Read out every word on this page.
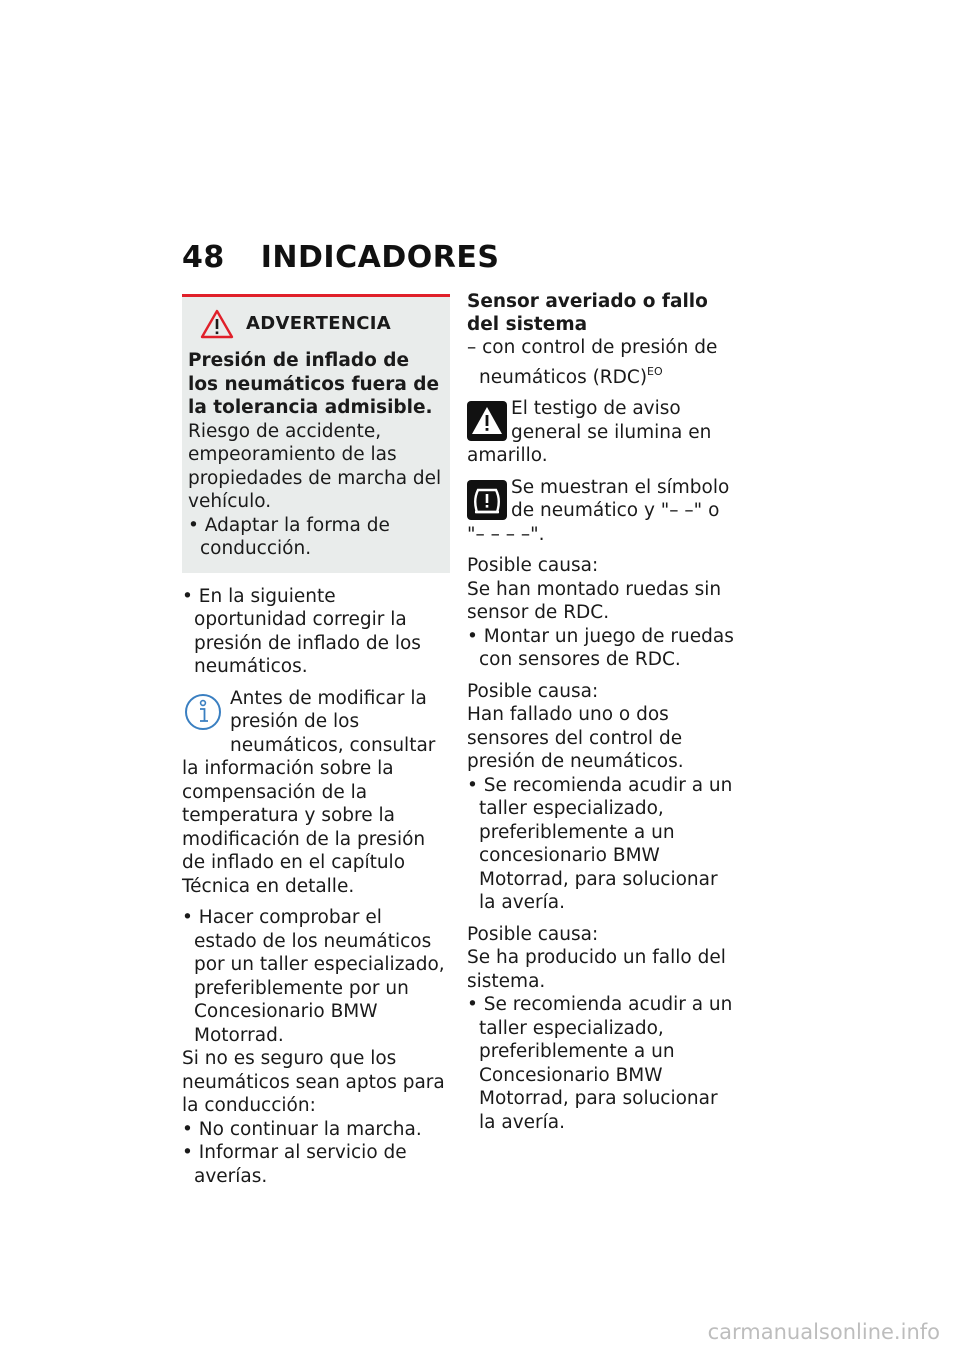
48 INDICADORES
ADVERTENCIA

Presión de inflado de los neumáticos fuera de la tolerancia admisible.

Riesgo de accidente, empeoramiento de las propiedades de marcha del vehículo.

• Adaptar la forma de conducción.

• En la siguiente oportunidad corregir la presión de inflado de los neumáticos.

Antes de modificar la presión de los neumáticos, consultar la información sobre la compensación de la temperatura y sobre la modificación de la presión de inflado en el capítulo Técnica en detalle.

• Hacer comprobar el estado de los neumáticos por un taller especializado, preferiblemente por un Concesionario BMW Motorrad.

Si no es seguro que los neumáticos sean aptos para la conducción:

• No continuar la marcha.

• Informar al servicio de averías.

Sensor averiado o fallo del sistema

– con control de presión de neumáticos (RDC)$^{EO}$

El testigo de aviso general se ilumina en amarillo.

Se muestran el símbolo de neumático y "– –" o "– – – –".

Posible causa:

Se han montado ruedas sin sensor de RDC.

• Montar un juego de ruedas con sensores de RDC.

Posible causa:

Han fallado uno o dos sensores del control de presión de neumáticos.

• Se recomienda acudir a un taller especializado, preferiblemente a un concesionario BMW Motorrad, para solucionar la avería.

Posible causa:

Se ha producido un fallo del sistema.

• Se recomienda acudir a un taller especializado, preferiblemente a un Concesionario BMW Motorrad, para solucionar la avería.

carmanualsonline.info
